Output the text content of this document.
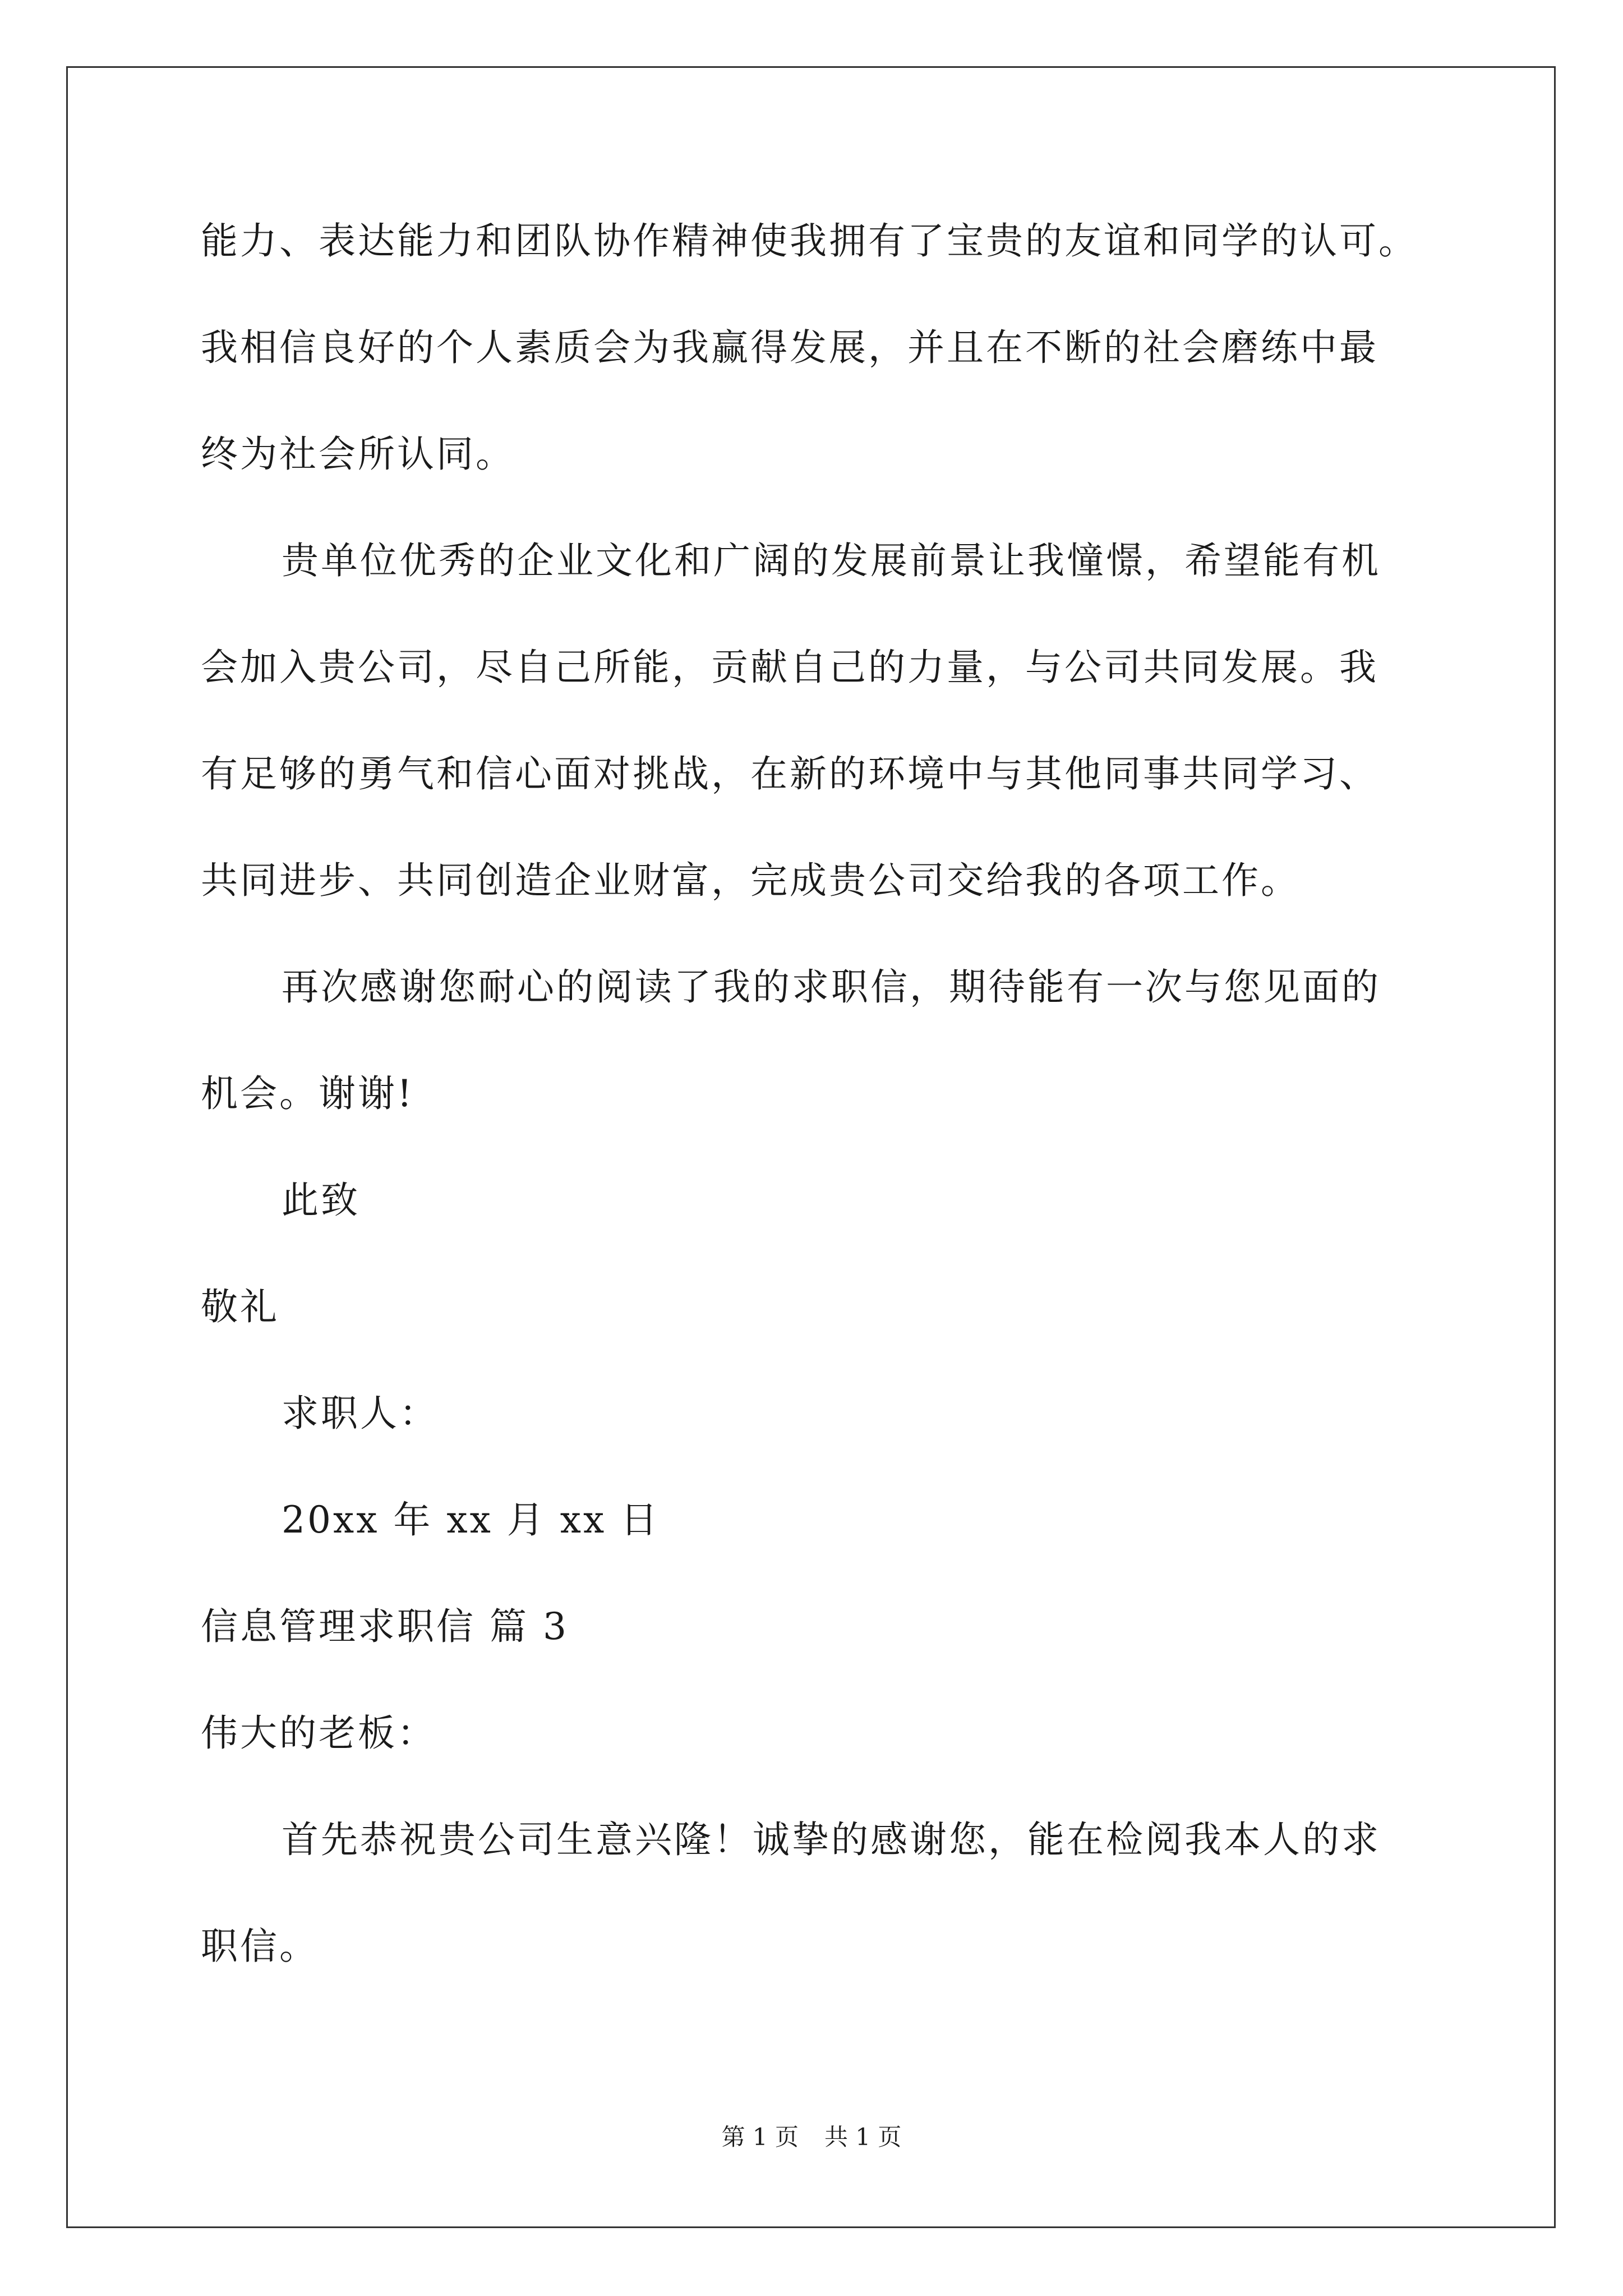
能力、表达能力和团队协作精神使我拥有了宝贵的友谊和同学的认可。
我相信良好的个人素质会为我赢得发展，并且在不断的社会磨练中最
终为社会所认同。
贵单位优秀的企业文化和广阔的发展前景让我憧憬，希望能有机
会加入贵公司，尽自己所能，贡献自己的力量，与公司共同发展。我
有足够的勇气和信心面对挑战，在新的环境中与其他同事共同学习、
共同进步、共同创造企业财富，完成贵公司交给我的各项工作。
再次感谢您耐心的阅读了我的求职信，期待能有一次与您见面的
机会。谢谢!
此致
敬礼
求职人：
20xx 年 xx 月 xx 日
信息管理求职信 篇 3
伟大的老板：
首先恭祝贵公司生意兴隆！诚挚的感谢您，能在检阅我本人的求
职信。
第 1 页 共 1 页
